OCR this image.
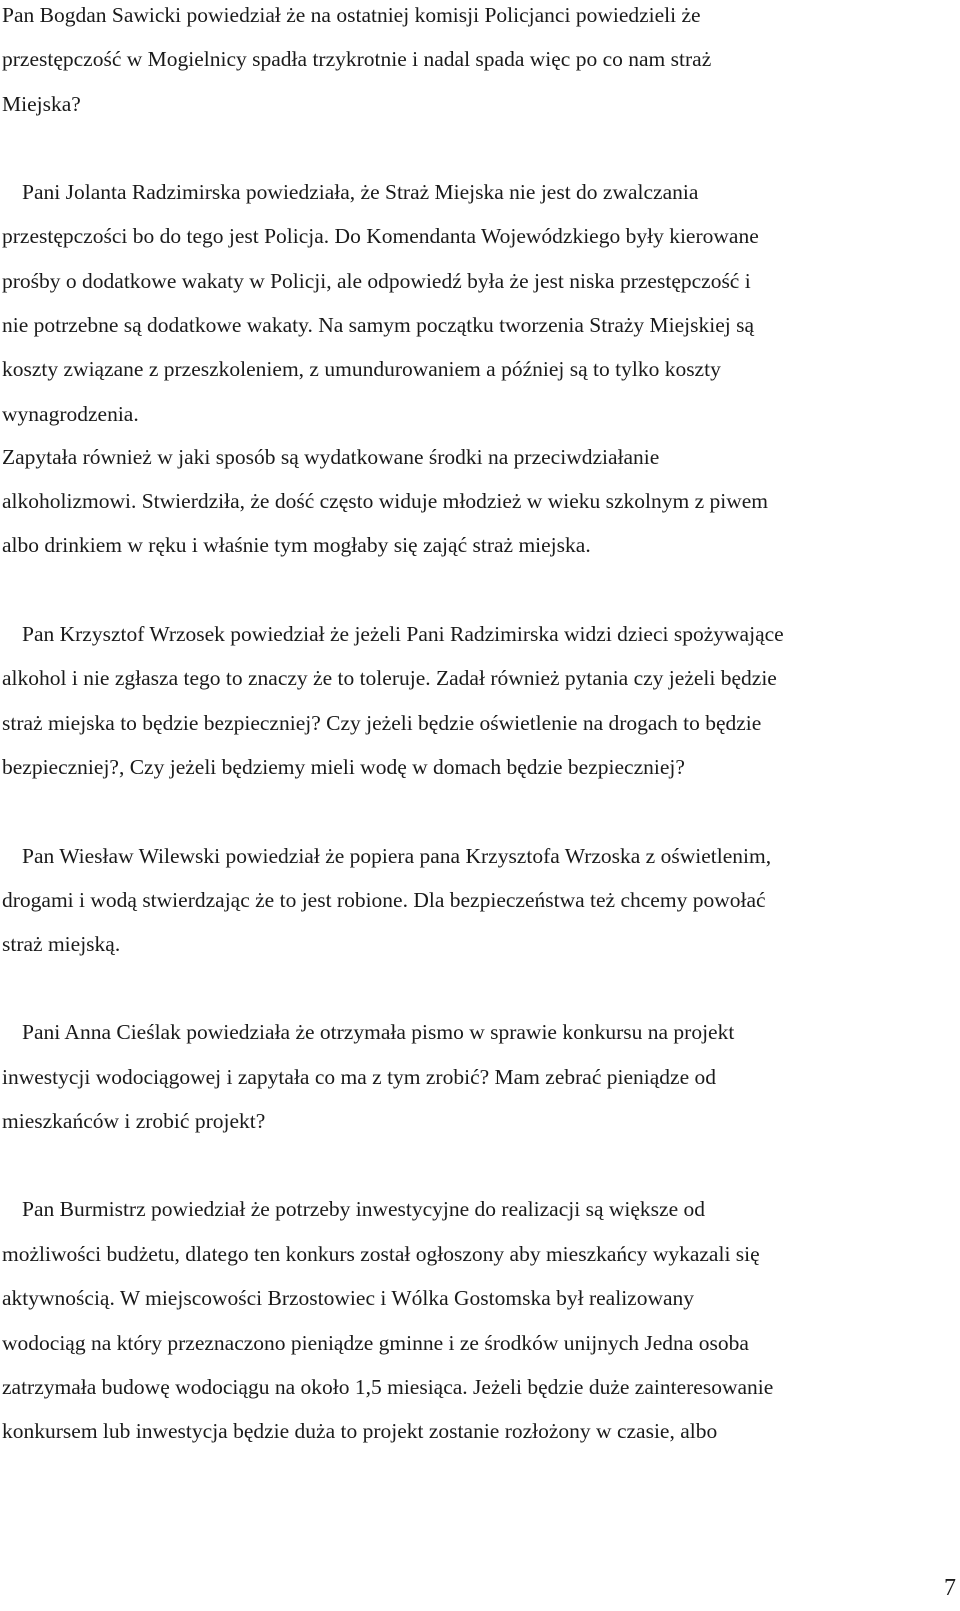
Pan Bogdan Sawicki powiedział że na ostatniej komisji Policjanci powiedzieli że
przestępczość w Mogielnicy spadła trzykrotnie i nadal spada więc po co nam straż
Miejska?
Pani Jolanta Radzimirska powiedziała, że Straż Miejska nie jest do zwalczania
przestępczości bo do tego jest Policja. Do Komendanta Wojewódzkiego były kierowane
prośby o dodatkowe wakaty w Policji, ale odpowiedź była że jest niska przestępczość i
nie potrzebne są dodatkowe wakaty. Na samym początku tworzenia Straży Miejskiej są
koszty związane z przeszkoleniem, z umundurowaniem a później są to tylko koszty
wynagrodzenia.
Zapytała również w jaki sposób są wydatkowane środki na przeciwdziałanie
alkoholizmowi. Stwierdziła, że dość często widuje młodzież w wieku szkolnym z piwem
albo drinkiem w ręku i właśnie tym mogłaby się zająć straż miejska.
Pan Krzysztof Wrzosek powiedział że jeżeli Pani Radzimirska widzi dzieci spożywające
alkohol i nie zgłasza tego to znaczy że to toleruje. Zadał również pytania czy jeżeli będzie
straż miejska to będzie bezpieczniej? Czy jeżeli będzie oświetlenie na drogach to będzie
bezpieczniej?, Czy jeżeli będziemy mieli wodę w domach będzie bezpieczniej?
Pan Wiesław Wilewski powiedział że popiera pana Krzysztofa Wrzoska z oświetlenim,
drogami i wodą stwierdzając że to jest robione. Dla bezpieczeństwa też chcemy powołać
straż miejską.
Pani Anna Cieślak powiedziała że otrzymała pismo w sprawie konkursu na projekt
inwestycji wodociągowej i zapytała co ma z tym zrobić? Mam zebrać pieniądze od
mieszkańców i zrobić projekt?
Pan Burmistrz powiedział że potrzeby inwestycyjne do realizacji są większe od
możliwości budżetu, dlatego ten konkurs został ogłoszony aby mieszkańcy wykazali się
aktywnością. W miejscowości Brzostowiec i Wólka Gostomska był realizowany
wodociąg na który przeznaczono pieniądze gminne i ze środków unijnych Jedna osoba
zatrzymała budowę wodociągu na około 1,5 miesiąca. Jeżeli będzie duże zainteresowanie
konkursem lub inwestycja będzie duża to projekt zostanie rozłożony w czasie, albo
7
